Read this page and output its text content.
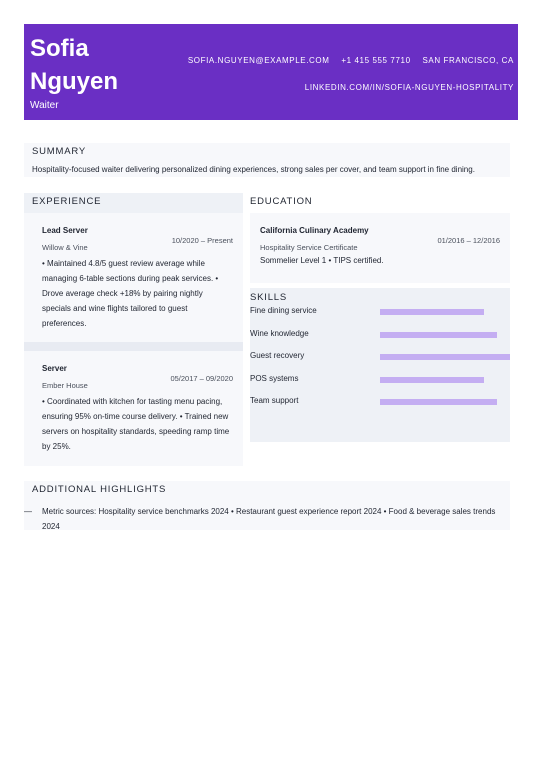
Sofia Nguyen
Waiter
SOFIA.NGUYEN@EXAMPLE.COM +1 415 555 7710 SAN FRANCISCO, CA
LINKEDIN.COM/IN/SOFIA-NGUYEN-HOSPITALITY
SUMMARY
Hospitality-focused waiter delivering personalized dining experiences, strong sales per cover, and team support in fine dining.
EXPERIENCE
Lead Server
10/2020 – Present
Willow & Vine
• Maintained 4.8/5 guest review average while managing 6-table sections during peak services. • Drove average check +18% by pairing nightly specials and wine flights tailored to guest preferences.
Server
05/2017 – 09/2020
Ember House
• Coordinated with kitchen for tasting menu pacing, ensuring 95% on-time course delivery. • Trained new servers on hospitality standards, speeding ramp time by 25%.
EDUCATION
California Culinary Academy
01/2016 – 12/2016
Hospitality Service Certificate
Sommelier Level 1 • TIPS certified.
SKILLS
Fine dining service
Wine knowledge
Guest recovery
POS systems
Team support
ADDITIONAL HIGHLIGHTS
— Metric sources: Hospitality service benchmarks 2024 • Restaurant guest experience report 2024 • Food & beverage sales trends 2024
